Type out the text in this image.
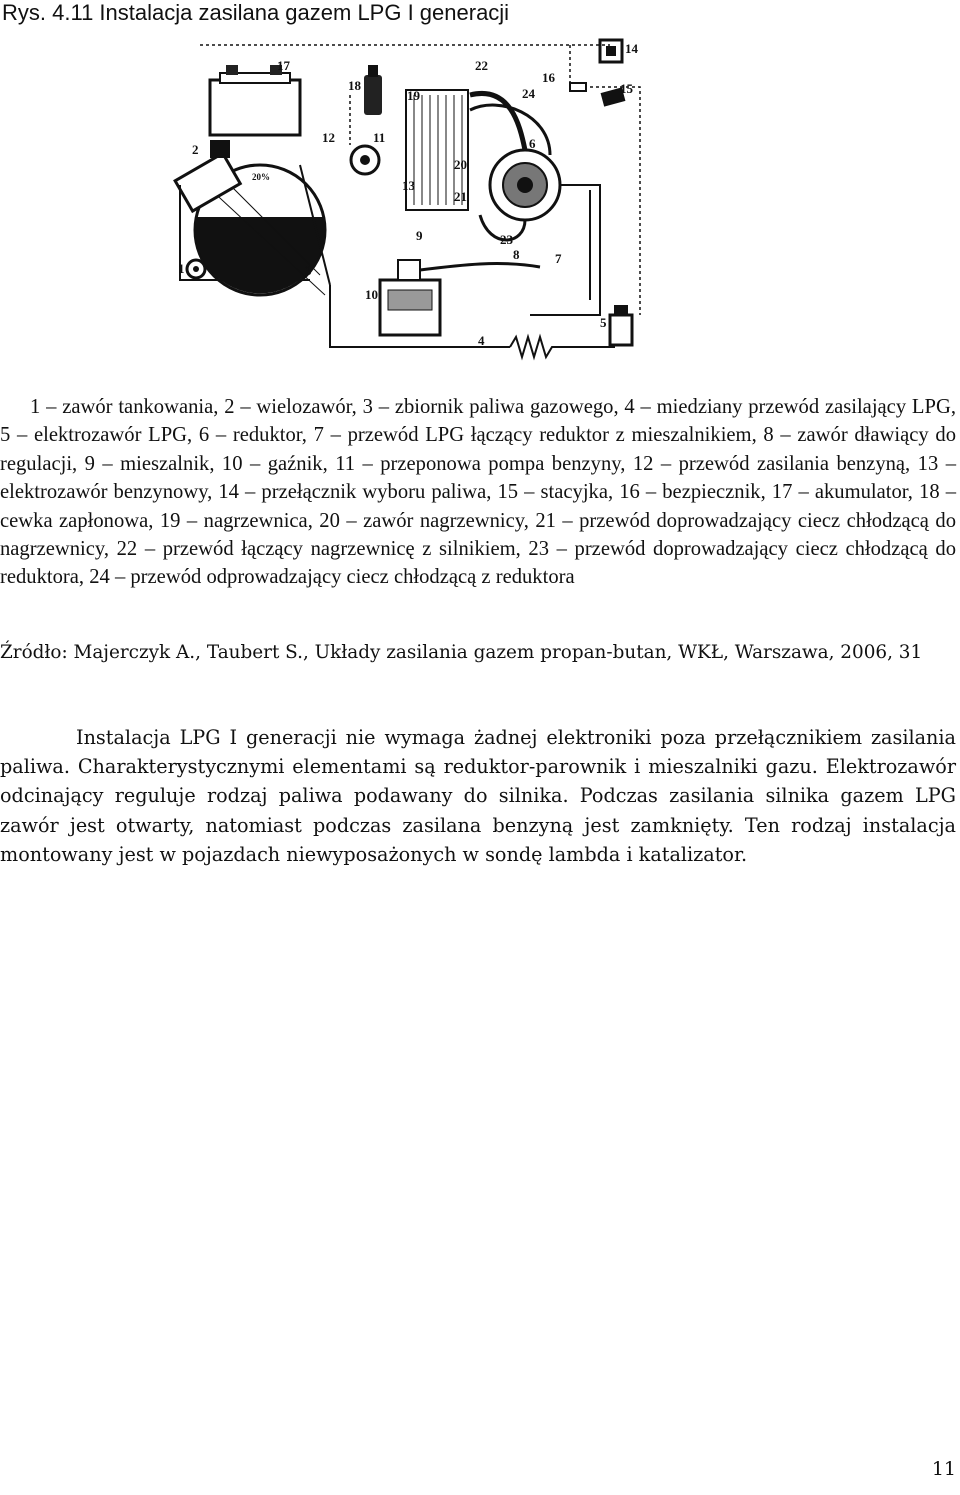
Rys. 4.11 Instalacja zasilana gazem LPG I generacji
17
18
22
16
14
15
19	24
12	11	6
2
20
13
21
9	23
8	7
1	3
10
5
4
20%
1 – zawór tankowania, 2 – wielozawór, 3 – zbiornik paliwa gazowego, 4 – miedziany przewód zasilający LPG, 5 – elektrozawór LPG, 6 – reduktor, 7 – przewód LPG łączący reduktor z mieszalnikiem, 8 – zawór dławiący do regulacji, 9 – mieszalnik, 10 – gaźnik, 11 – przeponowa pompa benzyny, 12 – przewód zasilania benzyną, 13 – elektrozawór benzynowy, 14 – przełącznik wyboru paliwa, 15 – stacyjka, 16 – bezpiecznik, 17 – akumulator, 18 – cewka zapłonowa, 19 – nagrzewnica, 20 – zawór nagrzewnicy, 21 – przewód doprowadzający ciecz chłodzącą do nagrzewnicy, 22 – przewód łączący nagrzewnicę z silnikiem, 23 – przewód doprowadzający ciecz chłodzącą do reduktora, 24 – przewód odprowadzający ciecz chłodzącą z reduktora
Źródło: Majerczyk A., Taubert S., Układy zasilania gazem propan-butan, WKŁ, Warszawa, 2006, 31
Instalacja LPG I generacji nie wymaga żadnej elektroniki poza przełącznikiem zasilania paliwa. Charakterystycznymi elementami są reduktor-parownik i mieszalniki gazu. Elektrozawór odcinający reguluje rodzaj paliwa podawany do silnika. Podczas zasilania silnika gazem LPG zawór jest otwarty, natomiast podczas zasilana benzyną jest zamknięty. Ten rodzaj instalacja montowany jest w pojazdach niewyposażonych w sondę lambda i katalizator.
11
